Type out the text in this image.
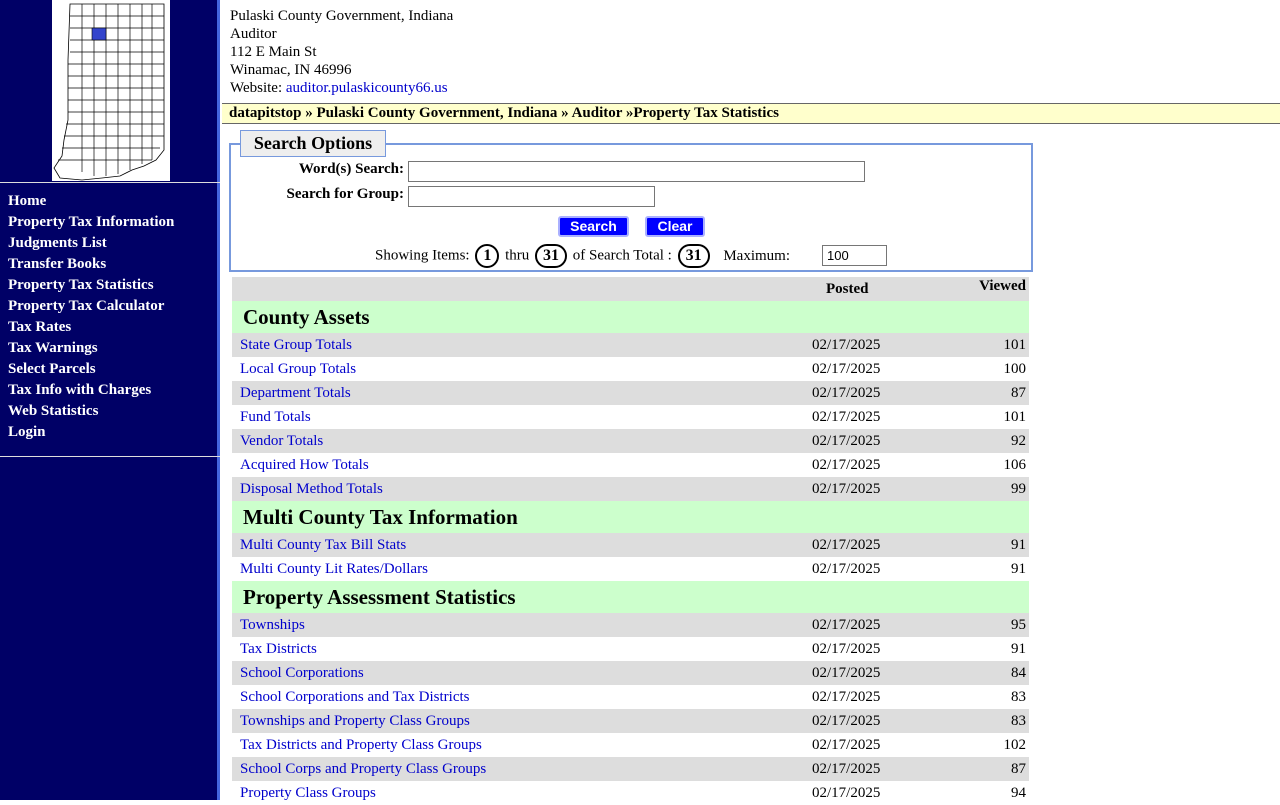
Home
Property Tax Information
Judgments List
Transfer Books
Property Tax Statistics
Property Tax Calculator
Tax Rates
Tax Warnings
Select Parcels
Tax Info with Charges
Web Statistics
Login
Pulaski County Government, Indiana
Auditor
112 E Main St
Winamac, IN 46996
Website: auditor.pulaskicounty66.us
datapitstop » Pulaski County Government, Indiana » Auditor »Property Tax Statistics
Search Options
Word(s) Search:
Search for Group:
Search	Clear
Showing Items: 1 thru 31 of Search Total : 31 Maximum:
100
Posted	Viewed
County Assets
State Group Totals	02/17/2025	101
Local Group Totals	02/17/2025	100
Department Totals	02/17/2025	87
Fund Totals	02/17/2025	101
Vendor Totals	02/17/2025	92
Acquired How Totals	02/17/2025	106
Disposal Method Totals	02/17/2025	99
Multi County Tax Information
Multi County Tax Bill Stats	02/17/2025	91
Multi County Lit Rates/Dollars	02/17/2025	91
Property Assessment Statistics
Townships	02/17/2025	95
Tax Districts	02/17/2025	91
School Corporations	02/17/2025	84
School Corporations and Tax Districts	02/17/2025	83
Townships and Property Class Groups	02/17/2025	83
Tax Districts and Property Class Groups	02/17/2025	102
School Corps and Property Class Groups	02/17/2025	87
Property Class Groups	02/17/2025	94
